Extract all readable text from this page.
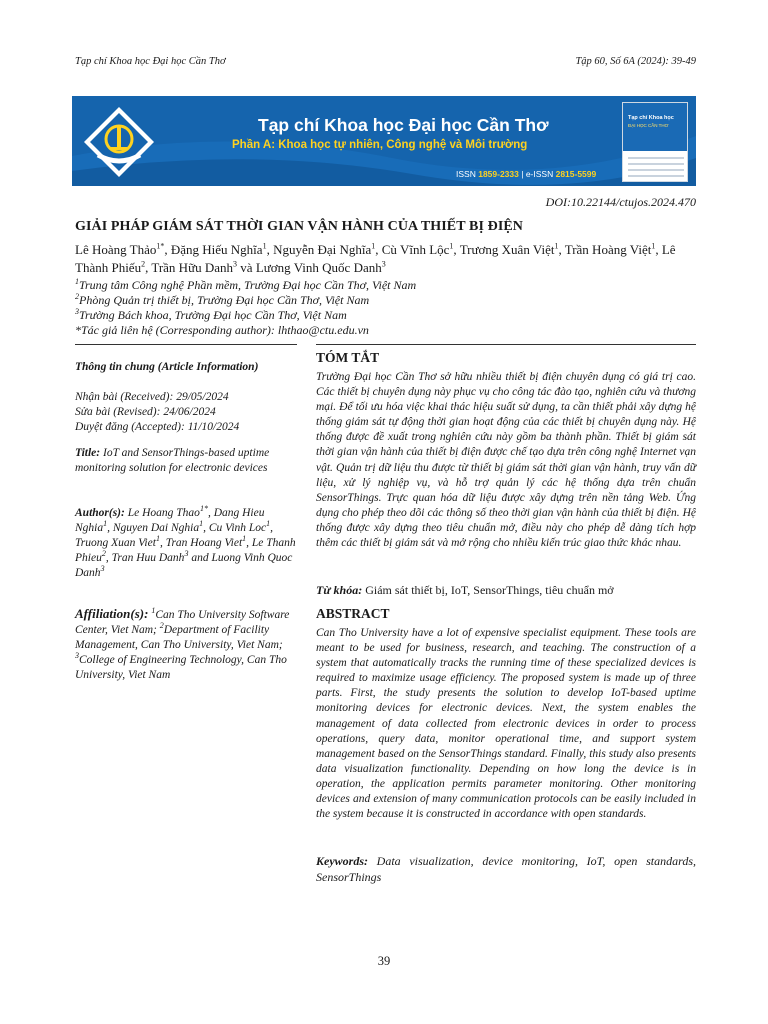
Tạp chí Khoa học Đại học Cần Thơ	Tập 60, Số 6A (2024): 39-49
Tạp chí Khoa học Đại học Cần Thơ
Phần A: Khoa học tự nhiên, Công nghệ và Môi trường
ISSN 1859-2333 | e-ISSN 2815-5599
Tạp chí Khoa học
ĐẠI HỌC CẦN THƠ
DOI:10.22144/ctujos.2024.470
GIẢI PHÁP GIÁM SÁT THỜI GIAN VẬN HÀNH CỦA THIẾT BỊ ĐIỆN
Lê Hoàng Thảo$^{1*}$, Đặng Hiếu Nghĩa$^1$, Nguyễn Đại Nghĩa$^1$, Cù Vĩnh Lộc$^1$, Trương Xuân Việt$^1$, Trần Hoàng Việt$^1$, Lê Thành Phiếu$^2$, Trần Hữu Danh$^3$ và Lương Vinh Quốc Danh$^3$
$^1$Trung tâm Công nghệ Phần mềm, Trường Đại học Cần Thơ, Việt Nam
$^2$Phòng Quản trị thiết bị, Trường Đại học Cần Thơ, Việt Nam
$^3$Trường Bách khoa, Trường Đại học Cần Thơ, Việt Nam
*Tác giả liên hệ (Corresponding author): lhthao@ctu.edu.vn
Thông tin chung (Article Information)
Nhận bài (Received): 29/05/2024
Sửa bài (Revised): 24/06/2024
Duyệt đăng (Accepted): 11/10/2024
Title: IoT and SensorThings-based uptime monitoring solution for electronic devices
Author(s): Le Hoang Thao$^{1*}$, Dang Hieu Nghia$^1$, Nguyen Dai Nghia$^1$, Cu Vinh Loc$^1$, Truong Xuan Viet$^1$, Tran Hoang Viet$^1$, Le Thanh Phieu$^2$, Tran Huu Danh$^3$ and Luong Vinh Quoc Danh$^3$
Affiliation(s): $^1$Can Tho University Software Center, Viet Nam; $^2$Department of Facility Management, Can Tho University, Viet Nam; $^3$College of Engineering Technology, Can Tho University, Viet Nam
TÓM TẮT
Trường Đại học Cần Thơ sở hữu nhiều thiết bị điện chuyên dụng có giá trị cao. Các thiết bị chuyên dụng này phục vụ cho công tác đào tạo, nghiên cứu và thương mại. Để tối ưu hóa việc khai thác hiệu suất sử dụng, ta cần thiết phải xây dựng hệ thống giám sát tự động thời gian hoạt động của các thiết bị chuyên dụng này. Hệ thống được đề xuất trong nghiên cứu này gồm ba thành phần. Thiết bị giám sát thời gian vận hành của thiết bị điện được chế tạo dựa trên công nghệ Internet vạn vật. Quản trị dữ liệu thu được từ thiết bị giám sát thời gian vận hành, truy vấn dữ liệu, xử lý nghiệp vụ, và hỗ trợ quản lý các hệ thống dựa trên chuẩn SensorThings. Trực quan hóa dữ liệu được xây dựng trên nền tảng Web. Ứng dụng cho phép theo dõi các thông số theo thời gian vận hành của thiết bị điện. Hệ thống được xây dựng theo tiêu chuẩn mở, điều này cho phép dễ dàng tích hợp thêm các thiết bị giám sát và mở rộng cho nhiều kiến trúc giao thức khác nhau.
Từ khóa: Giám sát thiết bị, IoT, SensorThings, tiêu chuẩn mở
ABSTRACT
Can Tho University have a lot of expensive specialist equipment. These tools are meant to be used for business, research, and teaching. The construction of a system that automatically tracks the running time of these specialized devices is required to maximize usage efficiency. The proposed system is made up of three parts. First, the study presents the solution to develop IoT-based uptime monitoring devices for electronic devices. Next, the system enables the management of data collected from electronic devices in order to process operations, query data, monitor operational time, and support system management based on the SensorThings standard. Finally, this study also presents data visualization functionality. Depending on how long the device is in operation, the application permits parameter monitoring. Other monitoring devices and extension of many communication protocols can be easily included in the system because it is constructed in accordance with open standards.
Keywords: Data visualization, device monitoring, IoT, open standards, SensorThings
39
